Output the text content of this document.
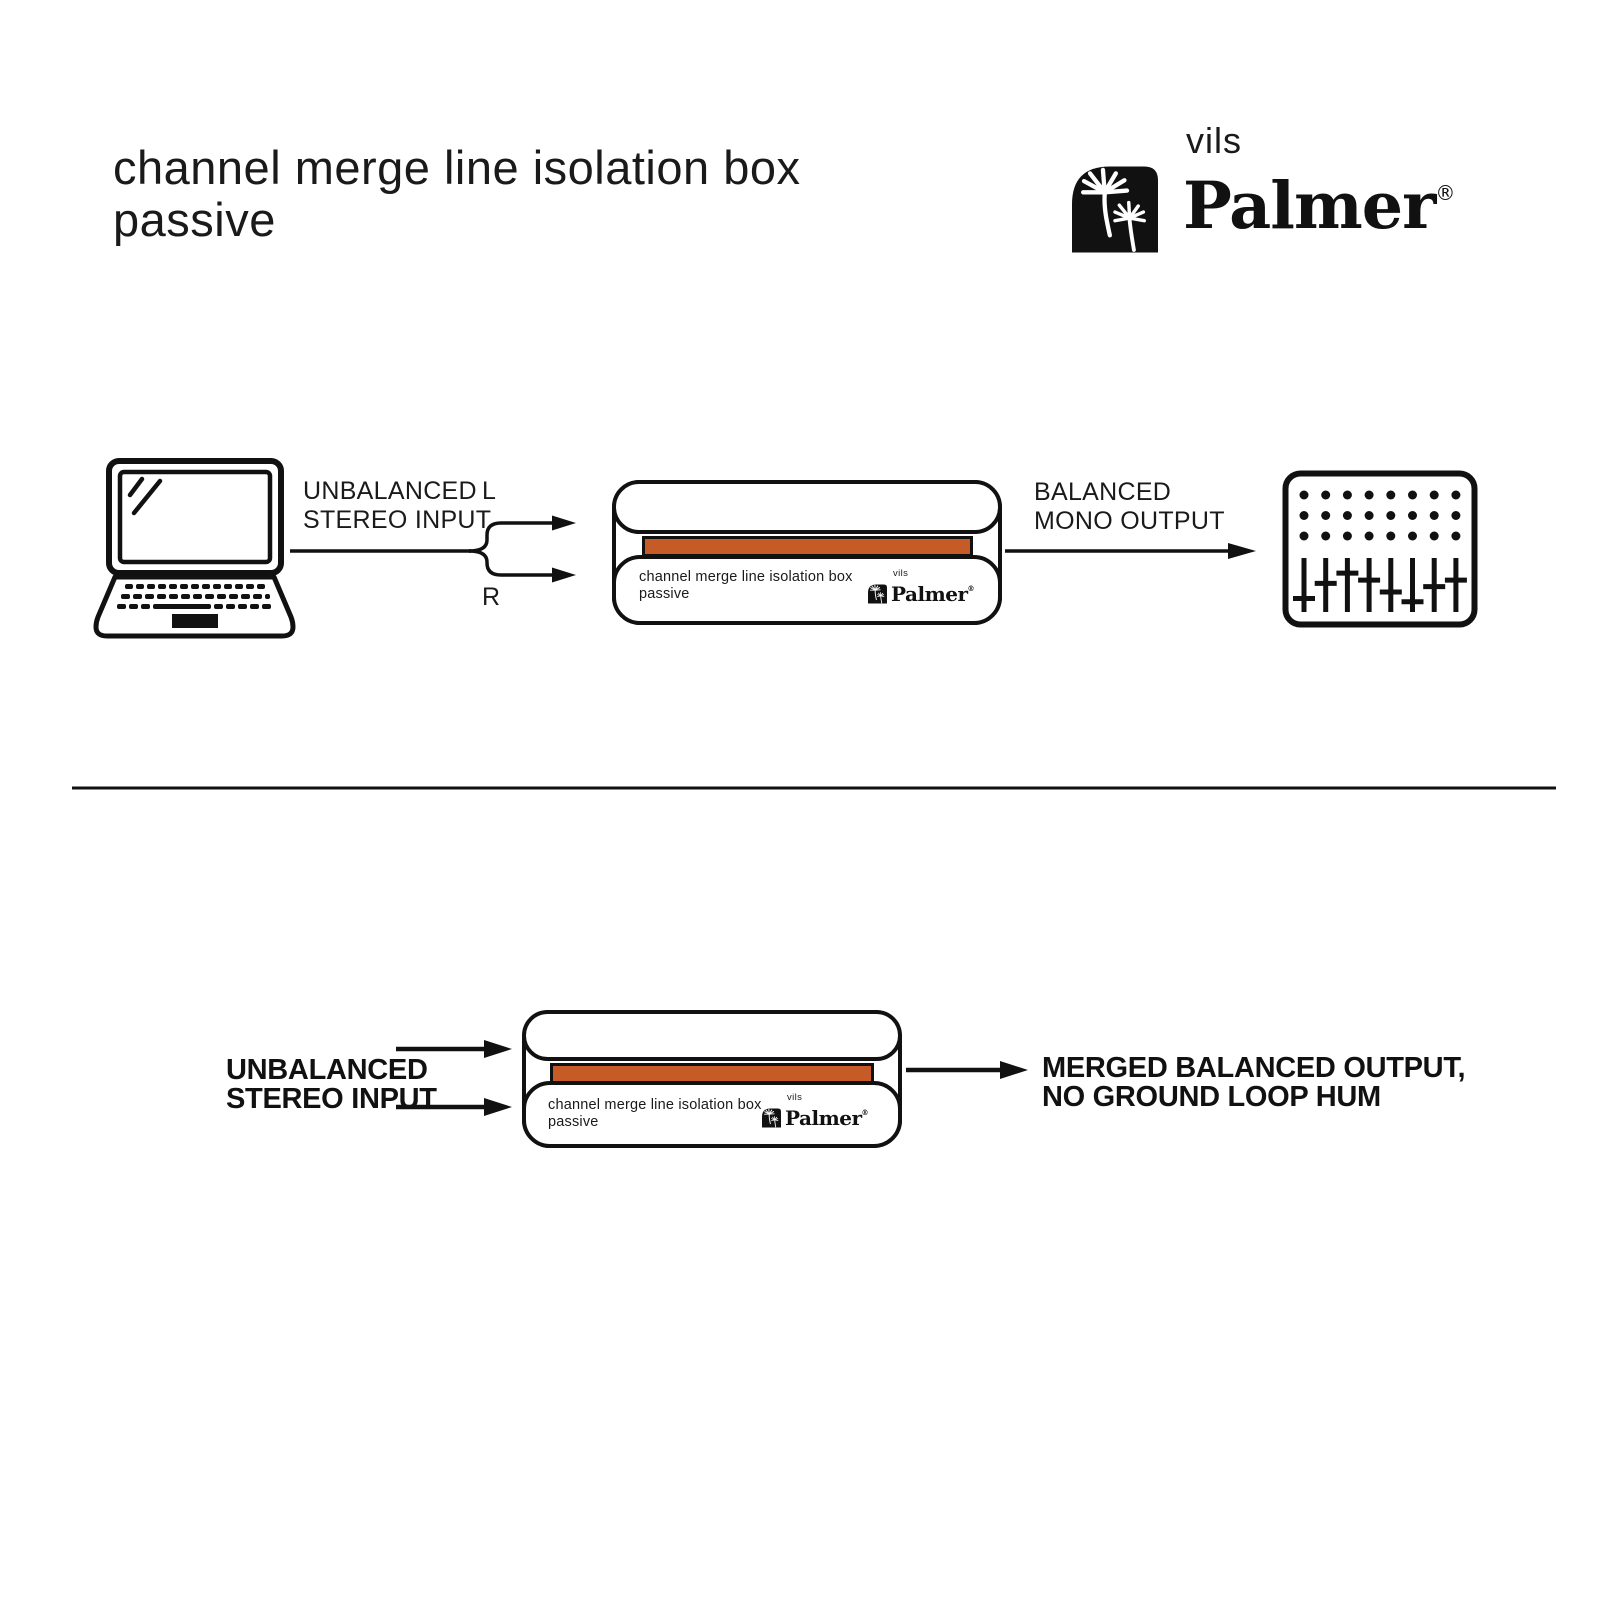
channel merge line isolation box
passive
vils
Palmer®
UNBALANCED
STEREO INPUT
L
R
BALANCED
MONO OUTPUT
channel merge line isolation box
passive
vils
Palmer®
UNBALANCED
STEREO INPUT
MERGED BALANCED OUTPUT,
NO GROUND LOOP HUM
channel merge line isolation box
passive
vils
Palmer®
